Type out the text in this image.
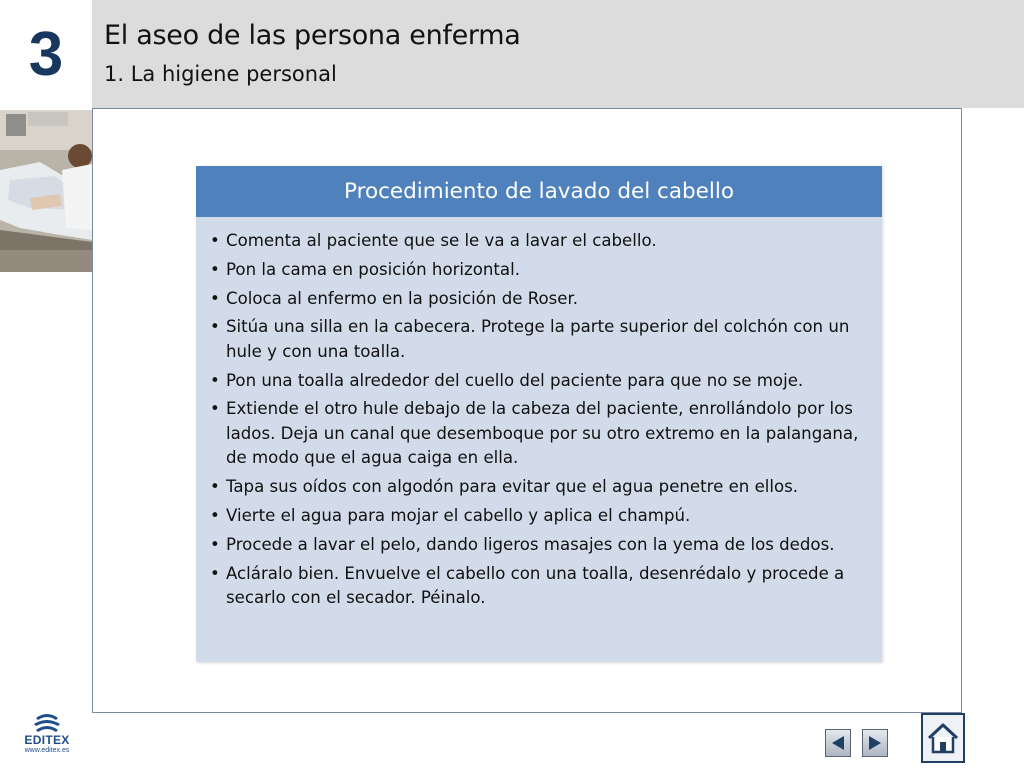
3	El aseo de las persona enferma
1. La higiene personal
Procedimiento de lavado del cabello
• Comenta al paciente que se le va a lavar el cabello.
• Pon la cama en posición horizontal.
• Coloca al enfermo en la posición de Roser.
• Sitúa una silla en la cabecera. Protege la parte superior del colchón con un hule y con una toalla.
• Pon una toalla alrededor del cuello del paciente para que no se moje.
• Extiende el otro hule debajo de la cabeza del paciente, enrollándolo por los lados. Deja un canal que desemboque por su otro extremo en la palangana, de modo que el agua caiga en ella.
• Tapa sus oídos con algodón para evitar que el agua penetre en ellos.
• Vierte el agua para mojar el cabello y aplica el champú.
• Procede a lavar el pelo, dando ligeros masajes con la yema de los dedos.
• Acláralo bien. Envuelve el cabello con una toalla, desenrédalo y procede a secarlo con el secador. Péinalo.
EDITEX
www.editex.es
